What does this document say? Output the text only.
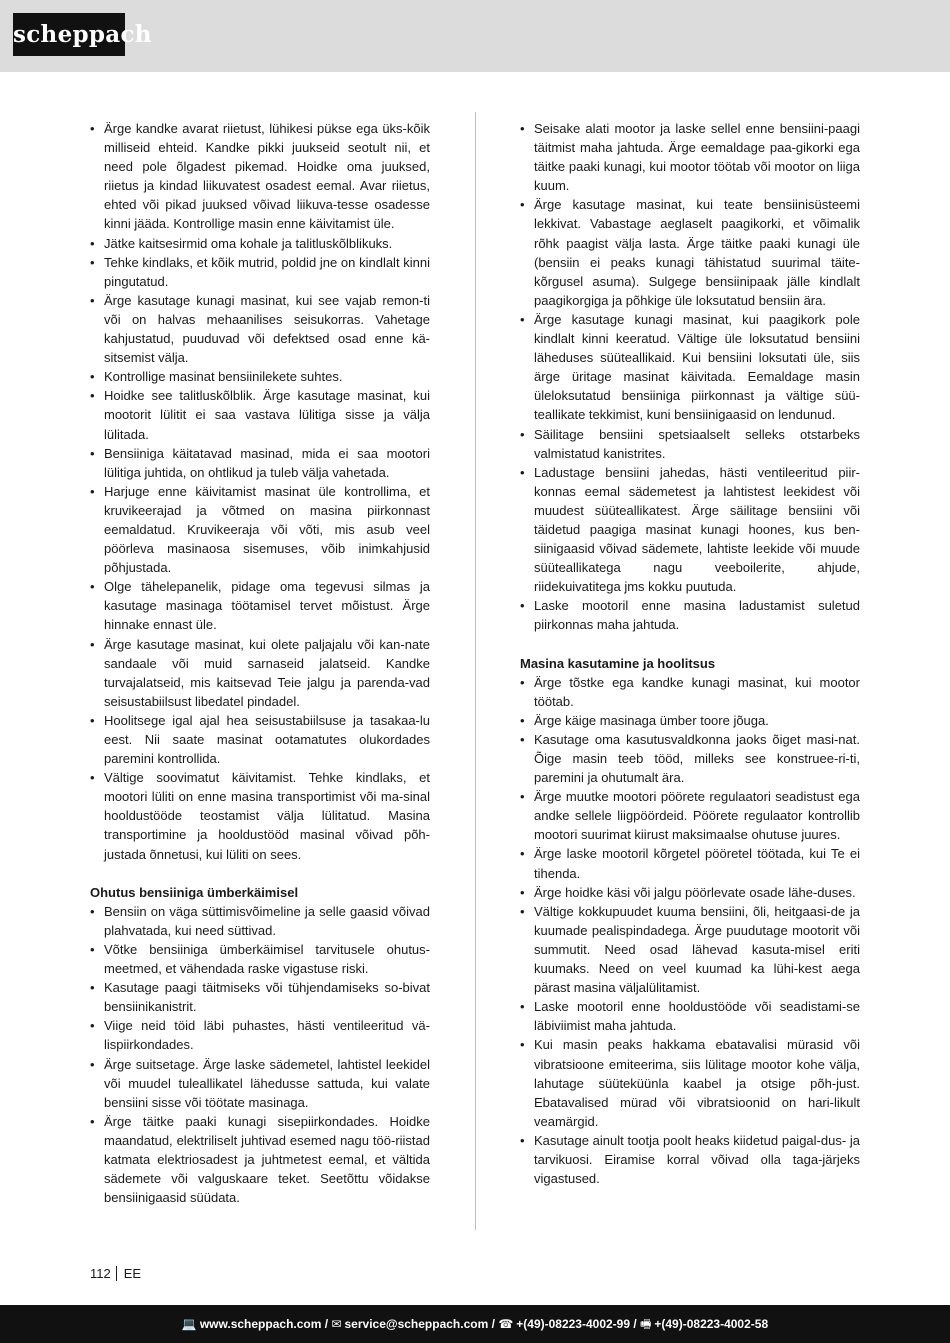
scheppach
• Ärge kandke avarat riietust, lühikesi pükse ega üks-kõik milliseid ehteid. Kandke pikki juukseid seotult nii, et need pole õlgadest pikemad. Hoidke oma juuksed, riietus ja kindad liikuvatest osadest eemal. Avar riietus, ehted või pikad juuksed võivad liikuva-tesse osadesse kinni jääda. Kontrollige masin enne käivitamist üle.
• Jätke kaitsesirmid oma kohale ja talitluskõlblikuks.
• Tehke kindlaks, et kõik mutrid, poldid jne on kindlalt kinni pingutatud.
• Ärge kasutage kunagi masinat, kui see vajab remon-ti või on halvas mehaanilises seisukorras. Vahetage kahjustatud, puuduvad või defektsed osad enne kä-sitsemist välja.
• Kontrollige masinat bensiinilekete suhtes.
• Hoidke see talitluskõlblik. Ärge kasutage masinat, kui mootorit lülitit ei saa vastava lülitiga sisse ja välja lülitada.
• Bensiiniga käitatavad masinad, mida ei saa mootori lülitiga juhtida, on ohtlikud ja tuleb välja vahetada.
• Harjuge enne käivitamist masinat üle kontrollima, et kruvikeerajad ja võtmed on masina piirkonnast eemaldatud. Kruvikeeraja või võti, mis asub veel pöörleva masinaosa sisemuses, võib inimkahjusid põhjustada.
• Olge tähelepanelik, pidage oma tegevusi silmas ja kasutage masinaga töötamisel tervet mõistust. Ärge hinnake ennast üle.
• Ärge kasutage masinat, kui olete paljajalu või kan-nate sandaale või muid sarnaseid jalatseid. Kandke turvajalatseid, mis kaitsevad Teie jalgu ja parenda-vad seisustabiilsust libedatel pindadel.
• Hoolitsege igal ajal hea seisustabiilsuse ja tasakaa-lu eest. Nii saate masinat ootamatutes olukordades paremini kontrollida.
• Vältige soovimatut käivitamist. Tehke kindlaks, et mootori lüliti on enne masina transportimist või ma-sinal hooldustööde teostamist välja lülitatud. Masina transportimine ja hooldustööd masinal võivad põh-justada õnnetusi, kui lüliti on sees.
Ohutus bensiiniga ümberkäimisel
• Bensiin on väga süttimisvõimeline ja selle gaasid võivad plahvatada, kui need süttivad.
• Võtke bensiiniga ümberkäimisel tarvitusele ohutus-meetmed, et vähendada raske vigastuse riski.
• Kasutage paagi täitmiseks või tühjendamiseks so-bivat bensiinikanistrit.
• Viige neid töid läbi puhastes, hästi ventileeritud vä-lispiirkondades.
• Ärge suitsetage. Ärge laske sädemetel, lahtistel leekidel või muudel tuleallikatel lähedusse sattuda, kui valate bensiini sisse või töötate masinaga.
• Ärge täitke paaki kunagi sisepiirkondades. Hoidke maandatud, elektriliselt juhtivad esemed nagu töö-riistad katmata elektriosadest ja juhtmetest eemal, et vältida sädemete või valguskaare teket. Seetõttu võidakse bensiinigaasid süüdata.
• Seisake alati mootor ja laske sellel enne bensiini-paagi täitmist maha jahtuda. Ärge eemaldage paa-gikorki ega täitke paaki kunagi, kui mootor töötab või mootor on liiga kuum.
• Ärge kasutage masinat, kui teate bensiinisüsteemi lekkivat. Vabastage aeglaselt paagikorki, et võimalik rõhk paagist välja lasta. Ärge täitke paaki kunagi üle (bensiin ei peaks kunagi tähistatud suurimal täite-kõrgusel asuma). Sulgege bensiinipaak jälle kindlalt paagikorgiga ja põhkige üle loksutatud bensiin ära.
• Ärge kasutage kunagi masinat, kui paagikork pole kindlalt kinni keeratud. Vältige üle loksutatud bensiini läheduses süüteallikaid. Kui bensiini loksutati üle, siis ärge üritage masinat käivitada. Eemaldage masin üleloksutatud bensiiniga piirkonnast ja vältige süü-teallikate tekkimist, kuni bensiinigaasid on lendunud.
• Säilitage bensiini spetsiaalselt selleks otstarbeks valmistatud kanistrites.
• Ladustage bensiini jahedas, hästi ventileeritud piir-konnas eemal sädemetest ja lahtistest leekidest või muudest süüteallikatest. Ärge säilitage bensiini või täidetud paagiga masinat kunagi hoones, kus ben-siinigaasid võivad sädemete, lahtiste leekide või muude süüteallikatega nagu veeboilerite, ahjude, riidekuivatitega jms kokku puutuda.
• Laske mootoril enne masina ladustamist suletud piirkonnas maha jahtuda.
Masina kasutamine ja hoolitsus
• Ärge tõstke ega kandke kunagi masinat, kui mootor töötab.
• Ärge käige masinaga ümber toore jõuga.
• Kasutage oma kasutusvaldkonna jaoks õiget masi-nat. Õige masin teeb tööd, milleks see konstruee-ri-ti, paremini ja ohutumalt ära.
• Ärge muutke mootori pöörete regulaatori seadistust ega andke sellele liigpöördeid. Pöörete regulaator kontrollib mootori suurimat kiirust maksimaalse ohutuse juures.
• Ärge laske mootoril kõrgetel pööretel töötada, kui Te ei tihenda.
• Ärge hoidke käsi või jalgu pöörlevate osade lähe-duses.
• Vältige kokkupuudet kuuma bensiini, õli, heitgaasi-de ja kuumade pealispindadega. Ärge puudutage mootorit või summutit. Need osad lähevad kasuta-misel eriti kuumaks. Need on veel kuumad ka lühi-kest aega pärast masina väljalülitamist.
• Laske mootoril enne hooldustööde või seadistami-se läbiviimist maha jahtuda.
• Kui masin peaks hakkama ebatavalisi mürasid või vibratsioone emiteerima, siis lülitage mootor kohe välja, lahutage süüteküünla kaabel ja otsige põh-just. Ebatavalised mürad või vibratsioonid on hari-likult veamärgid.
• Kasutage ainult tootja poolt heaks kiidetud paigal-dus- ja tarvikuosi. Eiramise korral võivad olla taga-järjeks vigastused.
112 EE
💻 www.scheppach.com / ✉ service@scheppach.com / ☎ +(49)-08223-4002-99 / 🖷 +(49)-08223-4002-58
